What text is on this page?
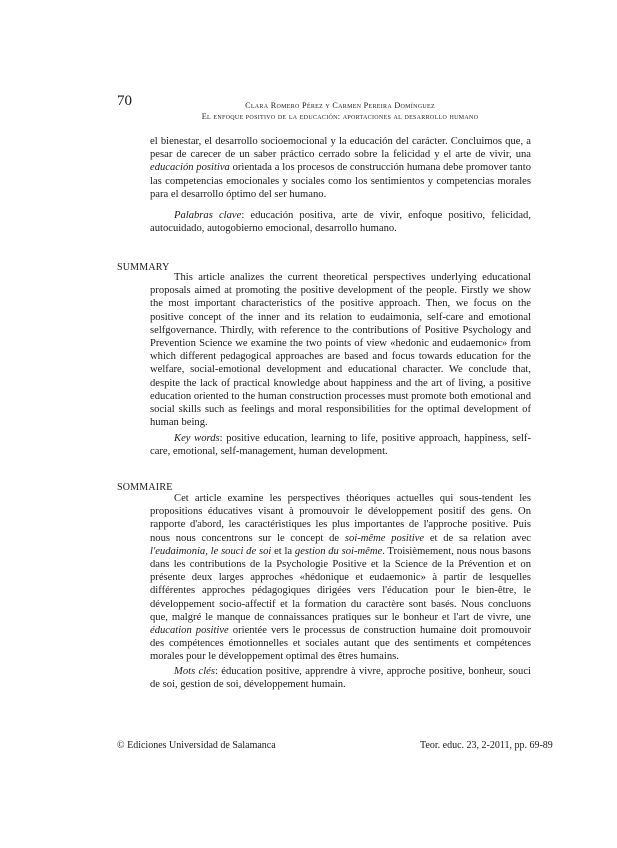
70	Clara Romero Pérez y Carmen Pereira Domínguez
El enfoque positivo de la educación: aportaciones al desarrollo humano

el bienestar, el desarrollo socioemocional y la educación del carácter. Concluimos que, a pesar de carecer de un saber práctico cerrado sobre la felicidad y el arte de vivir, una educación positiva orientada a los procesos de construcción humana debe promover tanto las competencias emocionales y sociales como los sentimientos y competencias morales para el desarrollo óptimo del ser humano.

Palabras clave: educación positiva, arte de vivir, enfoque positivo, felicidad, autocuidado, autogobierno emocional, desarrollo humano.

SUMMARY

This article analizes the current theoretical perspectives underlying educational proposals aimed at promoting the positive development of the people. Firstly we show the most important characteristics of the positive approach. Then, we focus on the positive concept of the inner and its relation to eudaimonia, self-care and emotional selfgovernance. Thirdly, with reference to the contributions of Positive Psychology and Prevention Science we examine the two points of view «hedonic and eudaemonic» from which different pedagogical approaches are based and focus towards education for the welfare, social-emotional development and educational character. We conclude that, despite the lack of practical knowledge about happiness and the art of living, a positive education oriented to the human construction processes must promote both emotional and social skills such as feelings and moral responsibilities for the optimal development of human being.

Key words: positive education, learning to life, positive approach, happiness, self-care, emotional, self-management, human development.

SOMMAIRE

Cet article examine les perspectives théoriques actuelles qui sous-tendent les propositions éducatives visant à promouvoir le développement positif des gens. On rapporte d'abord, les caractéristiques les plus importantes de l'approche positive. Puis nous nous concentrons sur le concept de soi-même positive et de sa relation avec l'eudaimonia, le souci de soi et la gestion du soi-même. Troisièmement, nous nous basons dans les contributions de la Psychologie Positive et la Science de la Prévention et on présente deux larges approches «hédonique et eudaemonic» à partir de lesquelles différentes approches pédagogiques dirigées vers l'éducation pour le bien-être, le développement socio-affectif et la formation du caractère sont basés. Nous concluons que, malgré le manque de connaissances pratiques sur le bonheur et l'art de vivre, une éducation positive orientée vers le processus de construction humaine doit promouvoir des compétences émotionnelles et sociales autant que des sentiments et compétences morales pour le développement optimal des êtres humains.

Mots clés: éducation positive, apprendre à vivre, approche positive, bonheur, souci de soi, gestion de soi, développement humain.

© Ediciones Universidad de Salamanca	Teor. educ. 23, 2-2011, pp. 69-89
